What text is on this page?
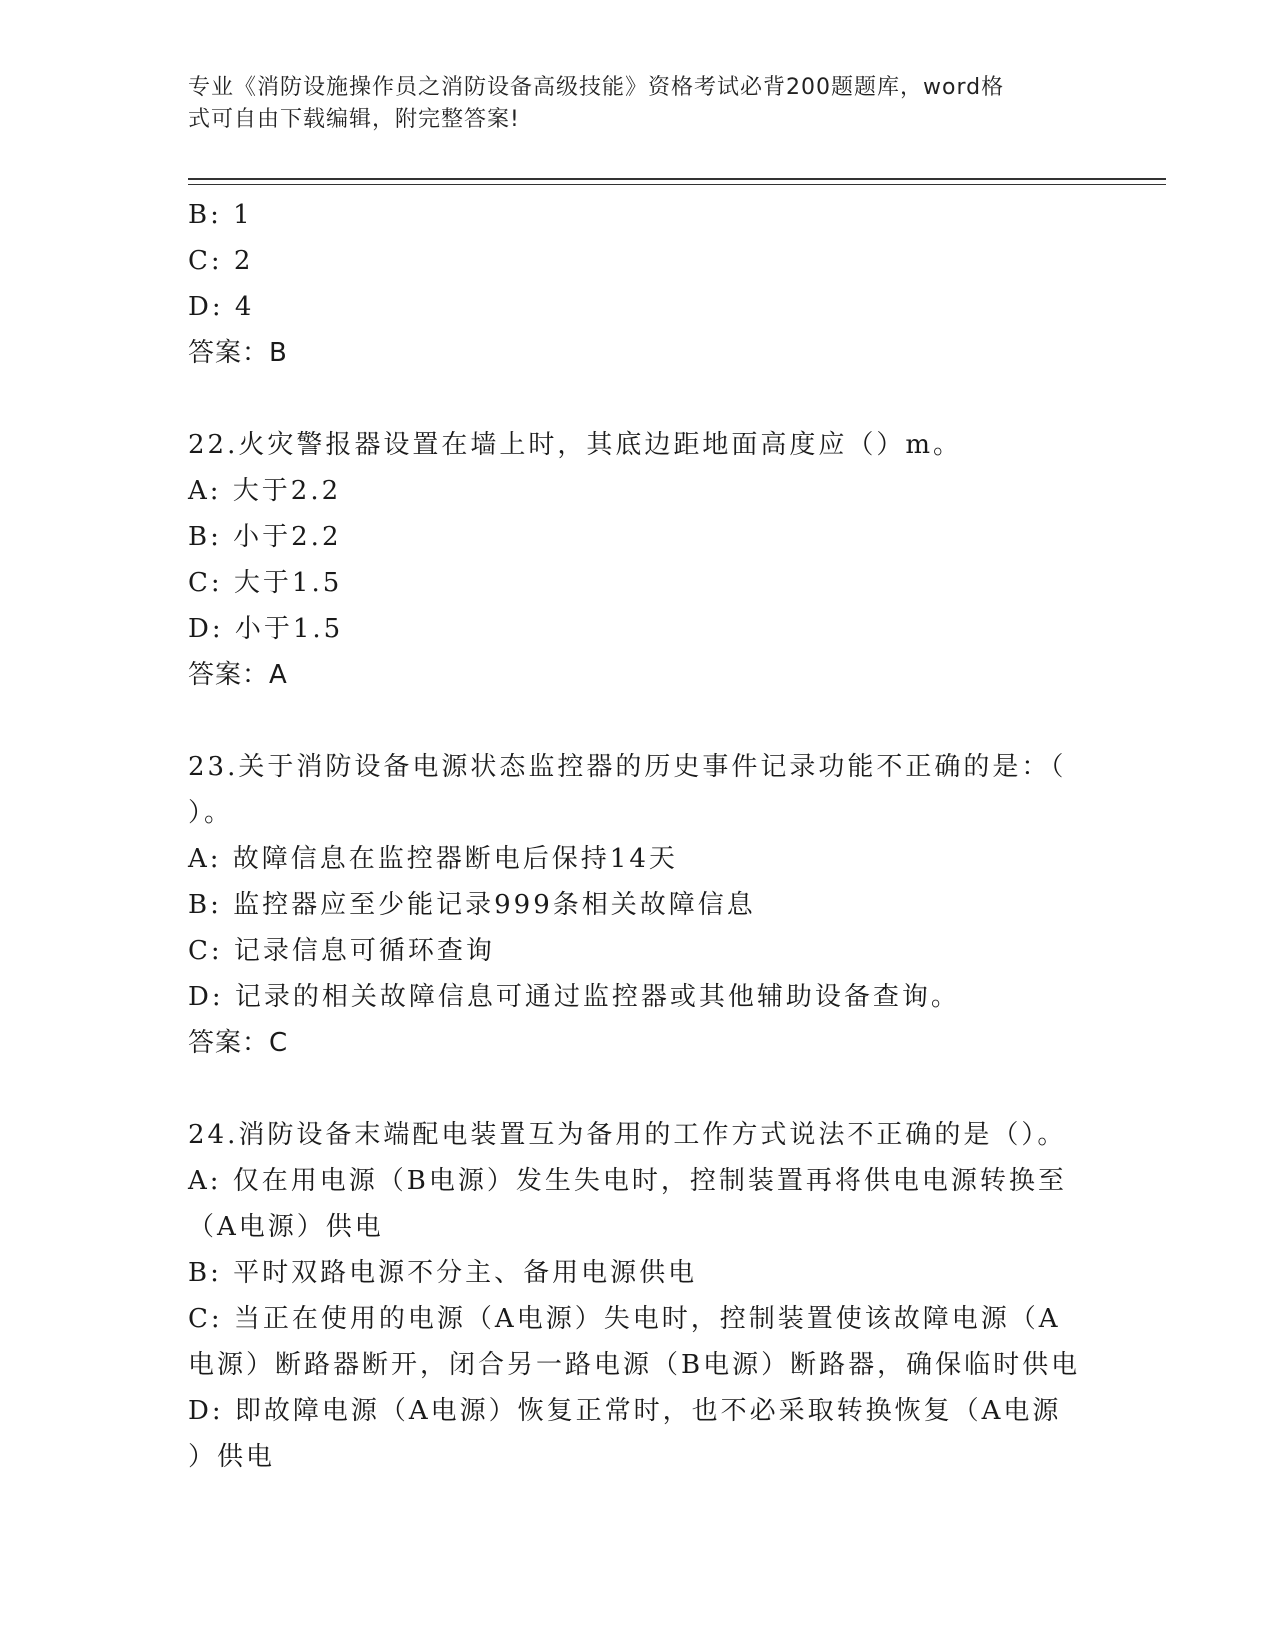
专业《消防设施操作员之消防设备高级技能》资格考试必背200题题库，word格
式可自由下载编辑，附完整答案!
B: 1
C: 2
D: 4
答案：B
22.火灾警报器设置在墙上时，其底边距地面高度应（）m。
A: 大于2.2
B: 小于2.2
C: 大于1.5
D: 小于1.5
答案：A
23.关于消防设备电源状态监控器的历史事件记录功能不正确的是：（
）。
A: 故障信息在监控器断电后保持14天
B: 监控器应至少能记录999条相关故障信息
C: 记录信息可循环查询
D: 记录的相关故障信息可通过监控器或其他辅助设备查询。
答案：C
24.消防设备末端配电装置互为备用的工作方式说法不正确的是（）。
A: 仅在用电源（B电源）发生失电时，控制装置再将供电电源转换至
（A电源）供电
B: 平时双路电源不分主、备用电源供电
C: 当正在使用的电源（A电源）失电时，控制装置使该故障电源（A
电源）断路器断开，闭合另一路电源（B电源）断路器，确保临时供电
D: 即故障电源（A电源）恢复正常时，也不必采取转换恢复（A电源
）供电
